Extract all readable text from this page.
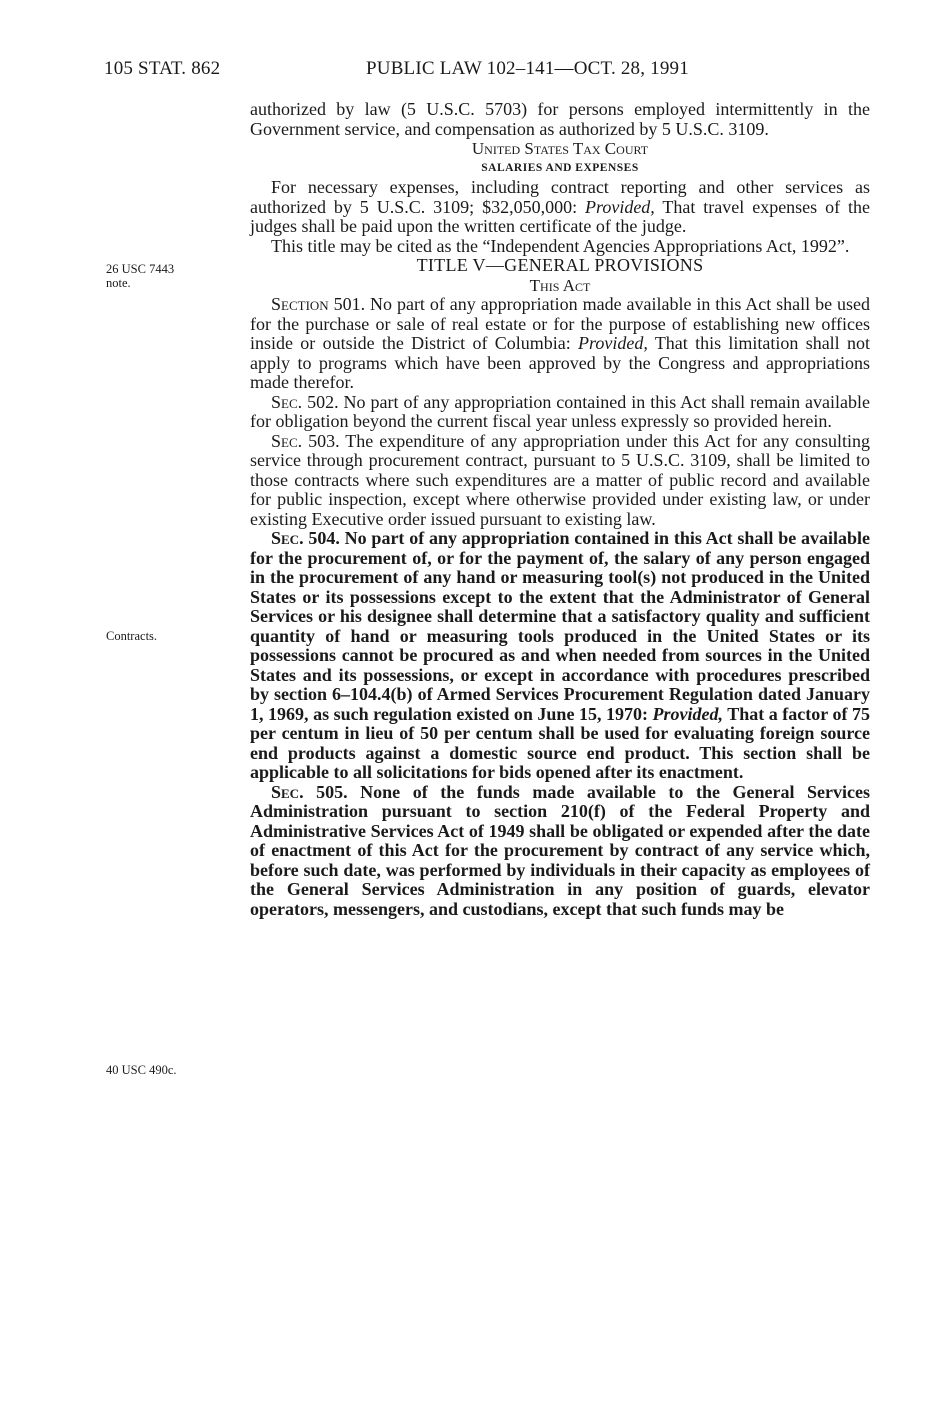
105 STAT. 862	PUBLIC LAW 102–141—OCT. 28, 1991
26 USC 7443
note.
Contracts.
40 USC 490c.

authorized by law (5 U.S.C. 5703) for persons employed intermittently in the Government service, and compensation as authorized by 5 U.S.C. 3109.

United States Tax Court

SALARIES AND EXPENSES

For necessary expenses, including contract reporting and other services as authorized by 5 U.S.C. 3109; $32,050,000: Provided, That travel expenses of the judges shall be paid upon the written certificate of the judge.

This title may be cited as the “Independent Agencies Appropriations Act, 1992”.

TITLE V—GENERAL PROVISIONS

This Act

Section 501. No part of any appropriation made available in this Act shall be used for the purchase or sale of real estate or for the purpose of establishing new offices inside or outside the District of Columbia: Provided, That this limitation shall not apply to programs which have been approved by the Congress and appropriations made therefor.

Sec. 502. No part of any appropriation contained in this Act shall remain available for obligation beyond the current fiscal year unless expressly so provided herein.

Sec. 503. The expenditure of any appropriation under this Act for any consulting service through procurement contract, pursuant to 5 U.S.C. 3109, shall be limited to those contracts where such expenditures are a matter of public record and available for public inspection, except where otherwise provided under existing law, or under existing Executive order issued pursuant to existing law.

Sec. 504. No part of any appropriation contained in this Act shall be available for the procurement of, or for the payment of, the salary of any person engaged in the procurement of any hand or measuring tool(s) not produced in the United States or its possessions except to the extent that the Administrator of General Services or his designee shall determine that a satisfactory quality and sufficient quantity of hand or measuring tools produced in the United States or its possessions cannot be procured as and when needed from sources in the United States and its possessions, or except in accordance with procedures prescribed by section 6–104.4(b) of Armed Services Procurement Regulation dated January 1, 1969, as such regulation existed on June 15, 1970: Provided, That a factor of 75 per centum in lieu of 50 per centum shall be used for evaluating foreign source end products against a domestic source end product. This section shall be applicable to all solicitations for bids opened after its enactment.

Sec. 505. None of the funds made available to the General Services Administration pursuant to section 210(f) of the Federal Property and Administrative Services Act of 1949 shall be obligated or expended after the date of enactment of this Act for the procurement by contract of any service which, before such date, was performed by individuals in their capacity as employees of the General Services Administration in any position of guards, elevator operators, messengers, and custodians, except that such funds may be
